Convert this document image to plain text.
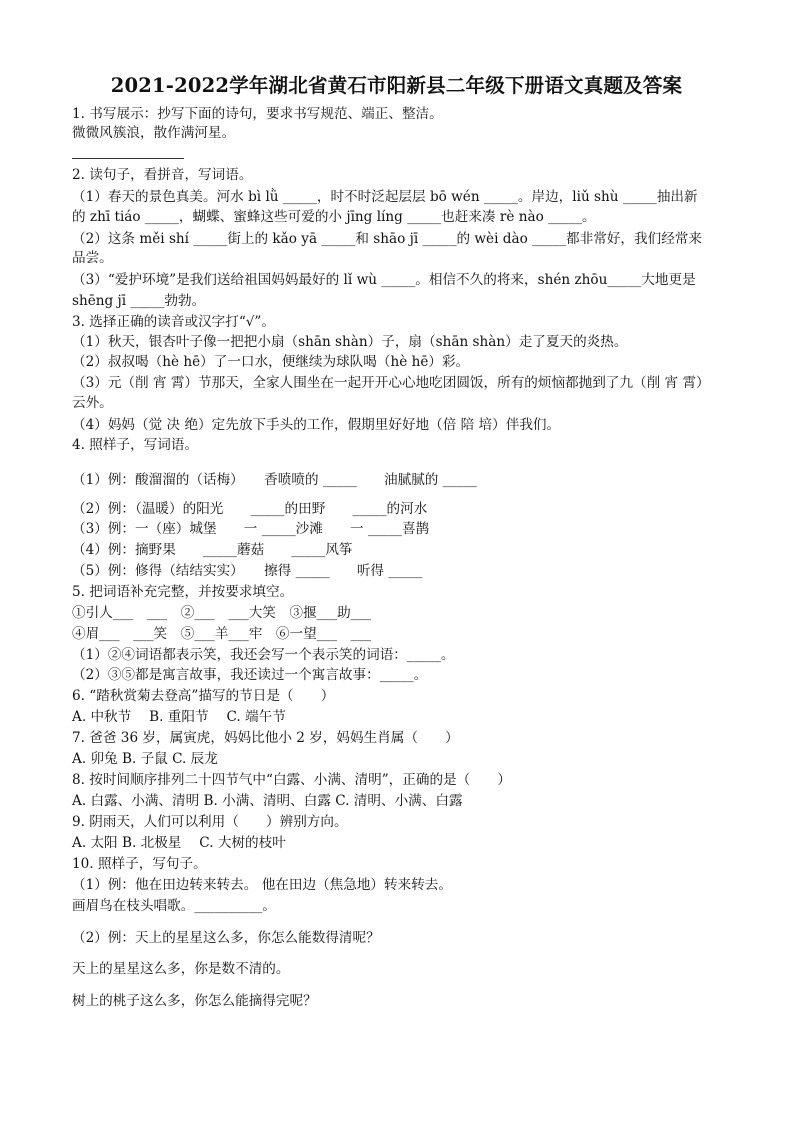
2021-2022学年湖北省黄石市阳新县二年级下册语文真题及答案
1. 书写展示：抄写下面的诗句，要求书写规范、端正、整洁。
微微风簇浪，散作满河星。
2. 读句子，看拼音，写词语。
（1）春天的景色真美。河水 bì lǜ _____，时不时泛起层层 bō wén _____。岸边，liǔ shù _____抽出新
的 zhī tiáo _____，蝴蝶、蜜蜂这些可爱的小 jīng líng _____也赶来凑 rè nào _____。
（2）这条 měi shí _____街上的 kǎo yā _____和 shāo jī _____的 wèi dào _____都非常好，我们经常来
品尝。
（3）“爱护环境”是我们送给祖国妈妈最好的 lǐ wù _____。相信不久的将来，shén zhōu_____大地更是
shēng jī _____勃勃。
3. 选择正确的读音或汉字打“√”。
（1）秋天，银杏叶子像一把把小扇（shān shàn）子，扇（shān shàn）走了夏天的炎热。
（2）叔叔喝（hè hē）了一口水，便继续为球队喝（hè hē）彩。
（3）元（削 宵 霄）节那天，全家人围坐在一起开开心心地吃团圆饭，所有的烦恼都抛到了九（削 宵 霄）
云外。
（4）妈妈（觉 决 绝）定先放下手头的工作，假期里好好地（倍 陪 培）伴我们。
4. 照样子，写词语。
（1）例：酸溜溜的（话梅）　　香喷喷的 _____　　油腻腻的 _____
（2）例：（温暖）的阳光　　_____的田野　　_____的河水
（3）例：一（座）城堡　　一 _____沙滩　　一 _____喜鹊
（4）例：摘野果　　_____蘑菇　　_____风筝
（5）例：修得（结结实实）　　擦得 _____　　听得 _____
5. 把词语补充完整，并按要求填空。
①引人___　___　②___　___大笑　③揠___助___
④眉___　___笑　⑤___羊___牢　⑥一望___　___
（1）②④词语都表示笑，我还会写一个表示笑的词语：_____。
（2）③⑤都是寓言故事，我还读过一个寓言故事：_____。
6. “踏秋赏菊去登高”描写的节日是（　　）
A. 中秋节　 B. 重阳节　 C. 端午节
7. 爸爸 36 岁，属寅虎，妈妈比他小 2 岁，妈妈生肖属（　　）
A. 卯兔 B. 子鼠 C. 辰龙
8. 按时间顺序排列二十四节气中“白露、小满、清明”，正确的是（　　）
A. 白露、小满、清明 B. 小满、清明、白露 C. 清明、小满、白露
9. 阴雨天，人们可以利用（　　）辨别方向。
A. 太阳 B. 北极星　 C. 大树的枝叶
10. 照样子，写句子。
（1）例：他在田边转来转去。 他在田边（焦急地）转来转去。
画眉鸟在枝头唱歌。__________。
（2）例：天上的星星这么多，你怎么能数得清呢？
天上的星星这么多，你是数不清的。
树上的桃子这么多，你怎么能摘得完呢？
